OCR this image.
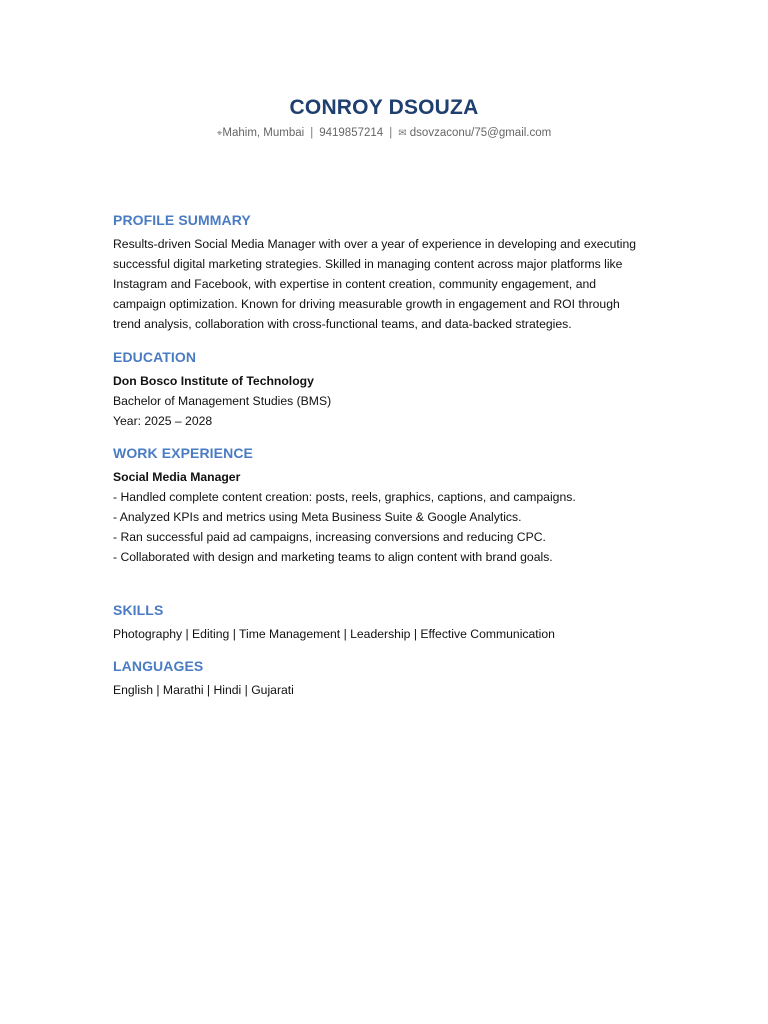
CONROY DSOUZA
⌖Mahim, Mumbai | 9419857214 | ✉ dsovzaconu/75@gmail.com
PROFILE SUMMARY
Results-driven Social Media Manager with over a year of experience in developing and executing
successful digital marketing strategies. Skilled in managing content across major platforms like
Instagram and Facebook, with expertise in content creation, community engagement, and
campaign optimization. Known for driving measurable growth in engagement and ROI through
trend analysis, collaboration with cross-functional teams, and data-backed strategies.
EDUCATION
Don Bosco Institute of Technology
Bachelor of Management Studies (BMS)
Year: 2025 – 2028
WORK EXPERIENCE
Social Media Manager
- Handled complete content creation: posts, reels, graphics, captions, and campaigns.
- Analyzed KPIs and metrics using Meta Business Suite & Google Analytics.
- Ran successful paid ad campaigns, increasing conversions and reducing CPC.
- Collaborated with design and marketing teams to align content with brand goals.
SKILLS
Photography | Editing | Time Management | Leadership | Effective Communication
LANGUAGES
English | Marathi | Hindi | Gujarati
